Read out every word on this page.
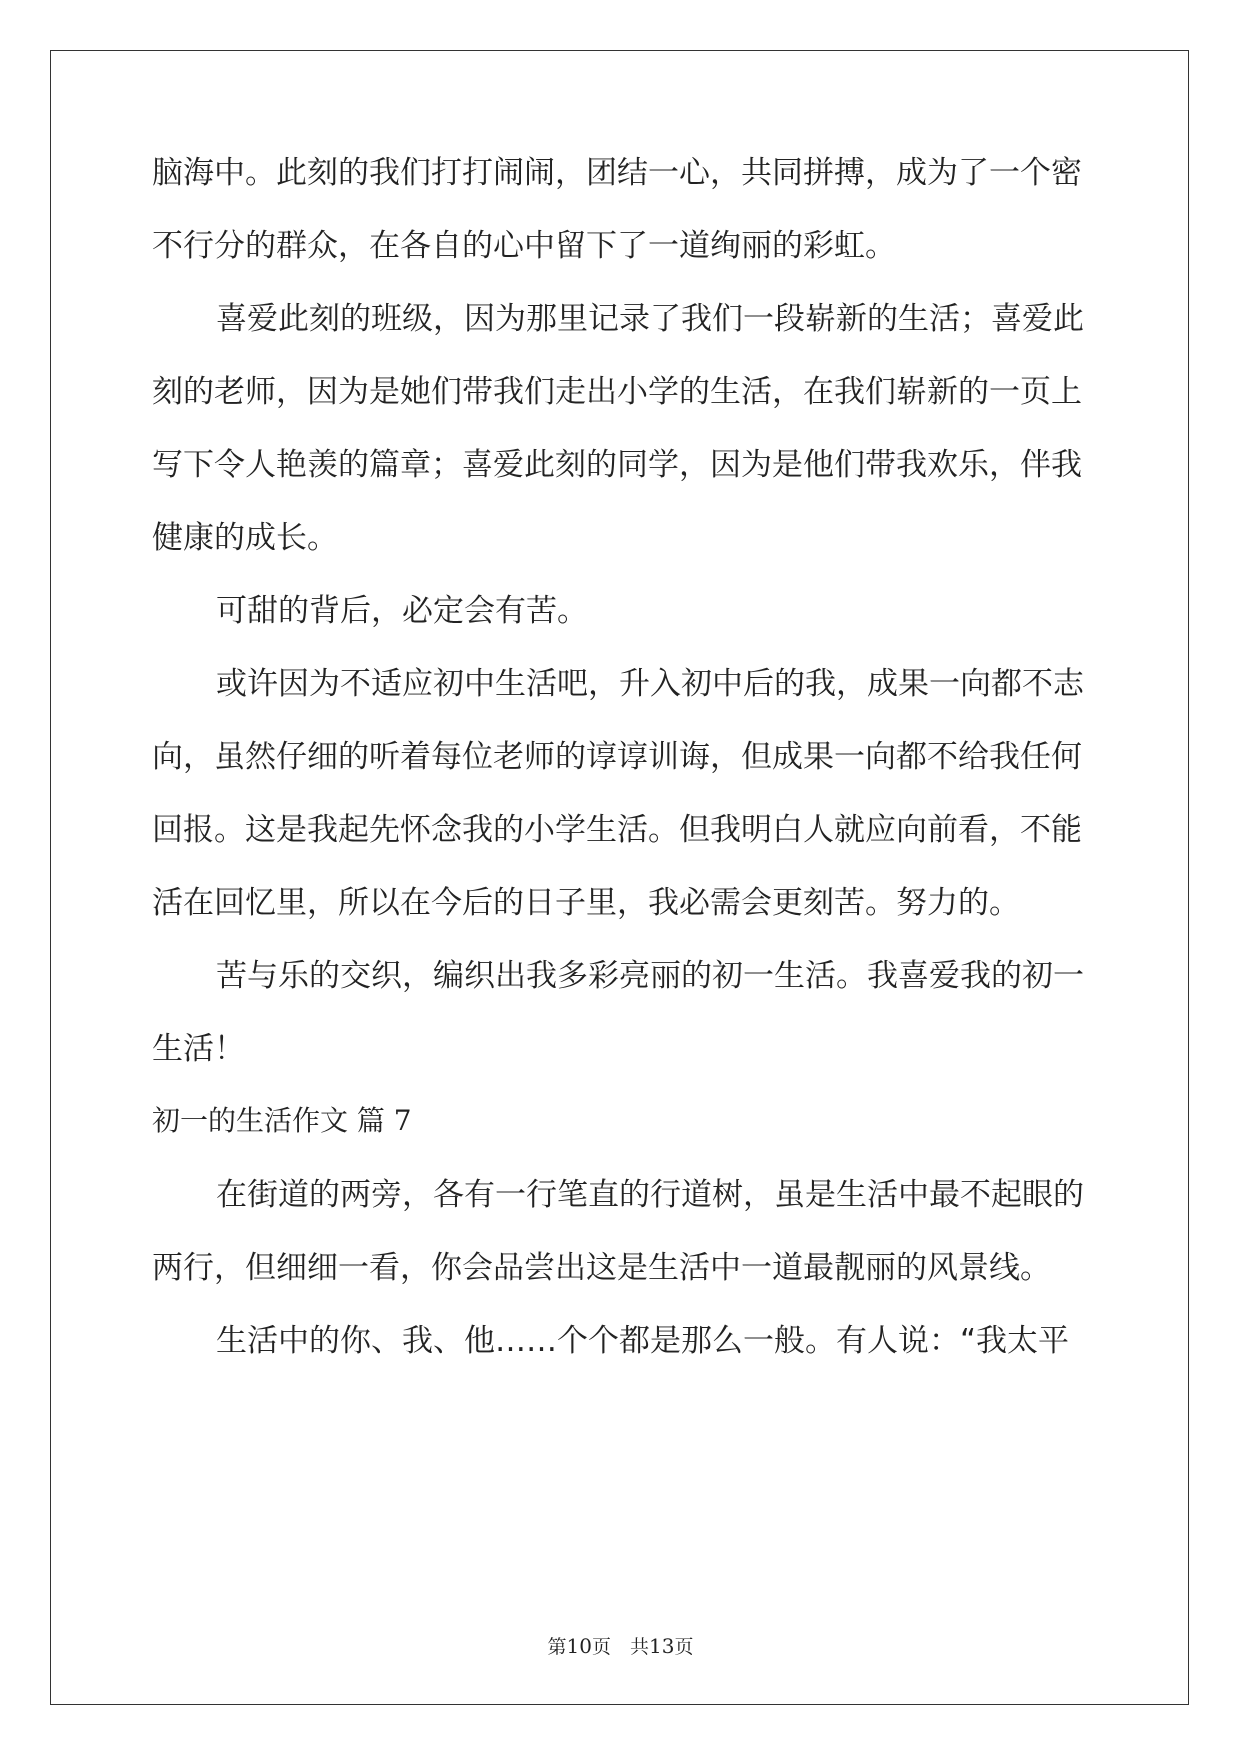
脑海中。此刻的我们打打闹闹，团结一心，共同拼搏，成为了一个密
不行分的群众，在各自的心中留下了一道绚丽的彩虹。
喜爱此刻的班级，因为那里记录了我们一段崭新的生活；喜爱此
刻的老师，因为是她们带我们走出小学的生活，在我们崭新的一页上
写下令人艳羡的篇章；喜爱此刻的同学，因为是他们带我欢乐，伴我
健康的成长。
可甜的背后，必定会有苦。
或许因为不适应初中生活吧，升入初中后的我，成果一向都不志
向，虽然仔细的听着每位老师的谆谆训诲，但成果一向都不给我任何
回报。这是我起先怀念我的小学生活。但我明白人就应向前看，不能
活在回忆里，所以在今后的日子里，我必需会更刻苦。努力的。
苦与乐的交织，编织出我多彩亮丽的初一生活。我喜爱我的初一
生活！
初一的生活作文 篇 7
在街道的两旁，各有一行笔直的行道树，虽是生活中最不起眼的
两行，但细细一看，你会品尝出这是生活中一道最靓丽的风景线。
生活中的你、我、他……个个都是那么一般。有人说：“我太平
第10页　共13页
